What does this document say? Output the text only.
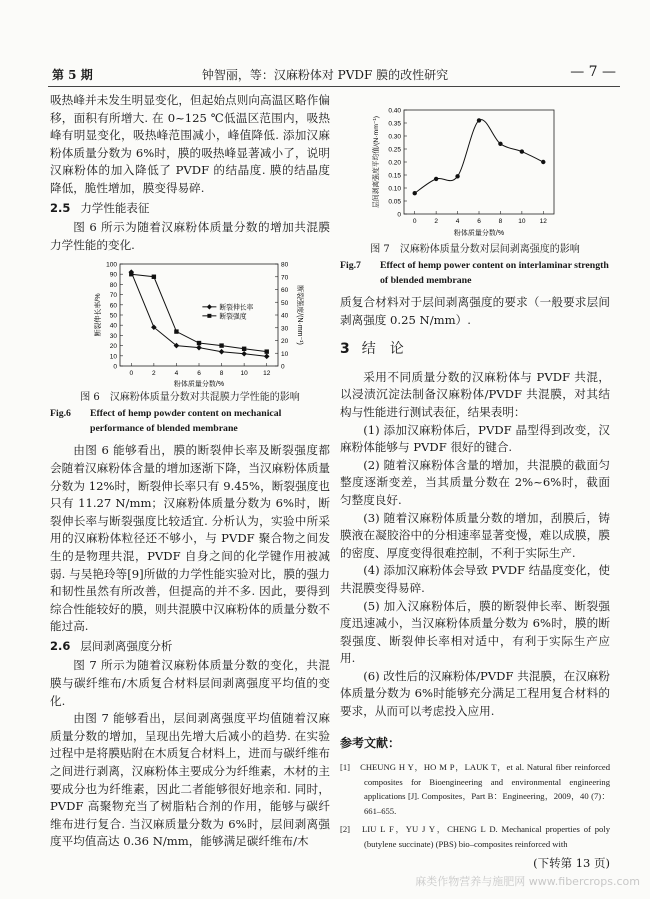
第 5 期	钟智丽，等：汉麻粉体对 PVDF 膜的改性研究	— 7 —

吸热峰并未发生明显变化，但起始点则向高温区略作偏移，面积有所增大. 在 0~125 ℃低温区范围内，吸热峰有明显变化，吸热峰范围减小，峰值降低. 添加汉麻粉体质量分数为 6%时，膜的吸热峰显著减小了，说明汉麻粉体的加入降低了 PVDF 的结晶度. 膜的结晶度降低，脆性增加，膜变得易碎.

2.5 力学性能表征

图 6 所示为随着汉麻粉体质量分数的增加共混膜力学性能的变化.

0
10
20
30
40
50
60
70
80
90
100
0
10
20
30
40
50
60
70
80
0	2	4	6	8	10 12
粉体质量分数/%
断裂伸长率/%	断裂强度/(N·mm⁻¹)
断裂伸长率
断裂强度

图 6　汉麻粉体质量分数对共混膜力学性能的影响

Fig.6 Effect of hemp powder content on mechanical

performance of blended membrane

由图 6 能够看出，膜的断裂伸长率及断裂强度都会随着汉麻粉体含量的增加逐渐下降，当汉麻粉体质量分数为 12%时，断裂伸长率只有 9.45%，断裂强度也只有 11.27 N/mm；汉麻粉体质量分数为 6%时，断裂伸长率与断裂强度比较适宜. 分析认为，实验中所采用的汉麻粉体粒径还不够小，与 PVDF 聚合物之间发生的是物理共混，PVDF 自身之间的化学键作用被减弱. 与吴艳玲等[9]所做的力学性能实验对比，膜的强力和韧性虽然有所改善，但提高的并不多. 因此，要得到综合性能较好的膜，则共混膜中汉麻粉体的质量分数不能过高.

2.6 层间剥离强度分析

图 7 所示为随着汉麻粉体质量分数的变化，共混膜与碳纤维布/木质复合材料层间剥离强度平均值的变化.

由图 7 能够看出，层间剥离强度平均值随着汉麻质量分数的增加，呈现出先增大后减小的趋势. 在实验过程中是将膜贴附在木质复合材料上，进而与碳纤维布之间进行剥离，汉麻粉体主要成分为纤维素，木材的主要成分也为纤维素，因此二者能够很好地亲和. 同时，PVDF 高聚物充当了树脂粘合剂的作用，能够与碳纤维布进行复合. 当汉麻质量分数为 6%时，层间剥离强度平均值高达 0.36 N/mm，能够满足碳纤维布/木

0
0.05
0.10
0.15
0.20
0.25
0.30
0.35
0.40
0	2	4	6	8 10 12
粉体质量分数/%
层间剥离强度平均值/(N·mm⁻¹)

图 7　汉麻粉体质量分数对层间剥离强度的影响

Fig.7 Effect of hemp power content on interlaminar strength

of blended membrane

质复合材料对于层间剥离强度的要求（一般要求层间剥离强度 0.25 N/mm）.

3 结　论

采用不同质量分数的汉麻粉体与 PVDF 共混，以浸渍沉淀法制备汉麻粉体/PVDF 共混膜，对其结构与性能进行测试表征，结果表明：

(1) 添加汉麻粉体后，PVDF 晶型得到改变，汉麻粉体能够与 PVDF 很好的键合.

(2) 随着汉麻粉体含量的增加，共混膜的截面匀整度逐渐变差，当其质量分数在 2%~6%时，截面匀整度良好.

(3) 随着汉麻粉体质量分数的增加，刮膜后，铸膜液在凝胶浴中的分相速率显著变慢，难以成膜，膜的密度、厚度变得很难控制，不利于实际生产.

(4) 添加汉麻粉体会导致 PVDF 结晶度变化，使共混膜变得易碎.

(5) 加入汉麻粉体后，膜的断裂伸长率、断裂强度迅速减小，当汉麻粉体质量分数为 6%时，膜的断裂强度、断裂伸长率相对适中，有利于实际生产应用.

(6) 改性后的汉麻粉体/PVDF 共混膜，在汉麻粉体质量分数为 6%时能够充分满足工程用复合材料的要求，从而可以考虑投入应用.

参考文献：

[1]　CHEUNG H Y，HO M P，LAUK T，et al. Natural fiber reinforced composites for Bioengineering and environmental engineering applications [J]. Composites，Part B：Engineering，2009，40 (7)：661–655.

[2]　LIU L F，YU J Y，CHENG L D. Mechanical properties of poly (butylene succinate) (PBS) bio–composites reinforced with

(下转第 13 页)
麻类作物营养与施肥网 www.fibercrops.com
